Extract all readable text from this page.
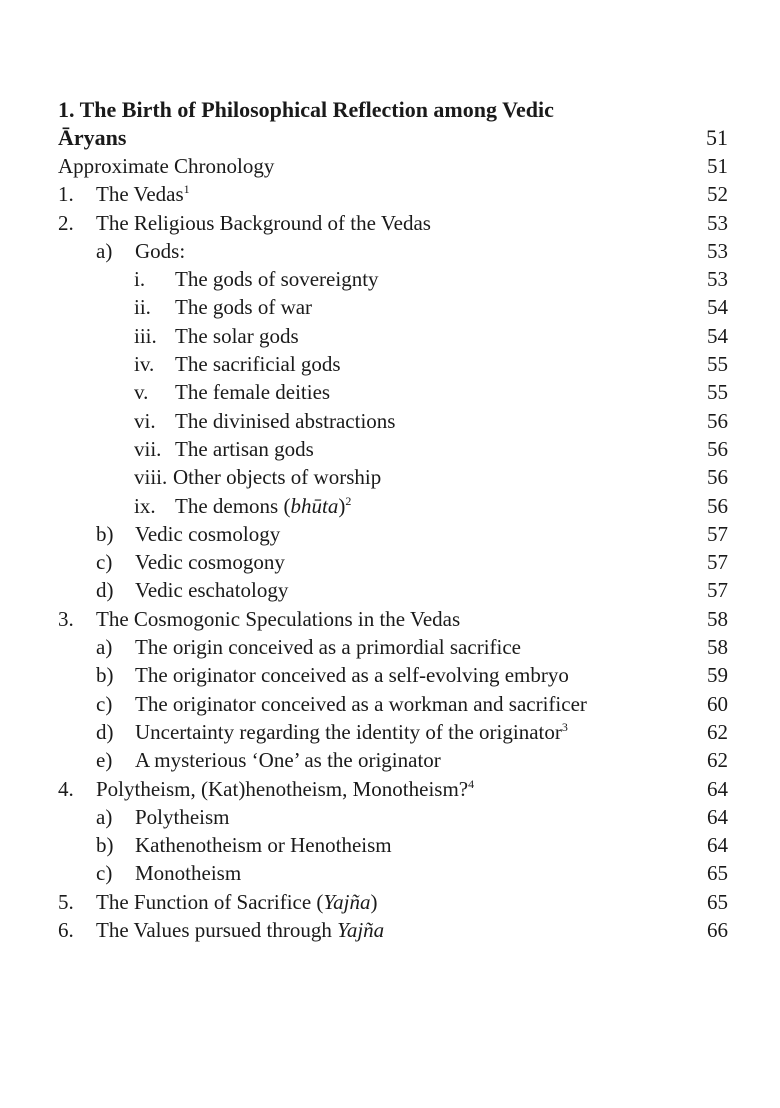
1. The Birth of Philosophical Reflection among Vedic
Āryans	51
Approximate Chronology	51
1. The Vedas$^1$	52
2. The Religious Background of the Vedas	53
a) Gods:	53
i. The gods of sovereignty	53
ii. The gods of war	54
iii. The solar gods	54
iv. The sacrificial gods	55
v. The female deities	55
vi. The divinised abstractions	56
vii. The artisan gods	56
viii. Other objects of worship	56
ix. The demons (bhūta)$^2$	56
b) Vedic cosmology	57
c) Vedic cosmogony	57
d) Vedic eschatology	57
3. The Cosmogonic Speculations in the Vedas	58
a) The origin conceived as a primordial sacrifice	58
b) The originator conceived as a self-evolving embryo	59
c) The originator conceived as a workman and sacrificer	60
d) Uncertainty regarding the identity of the originator$^3$	62
e) A mysterious ‘One’ as the originator	62
4. Polytheism, (Kat)henotheism, Monotheism?$^4$	64
a) Polytheism	64
b) Kathenotheism or Henotheism	64
c) Monotheism	65
5. The Function of Sacrifice (Yajña)	65
6. The Values pursued through Yajña	66
